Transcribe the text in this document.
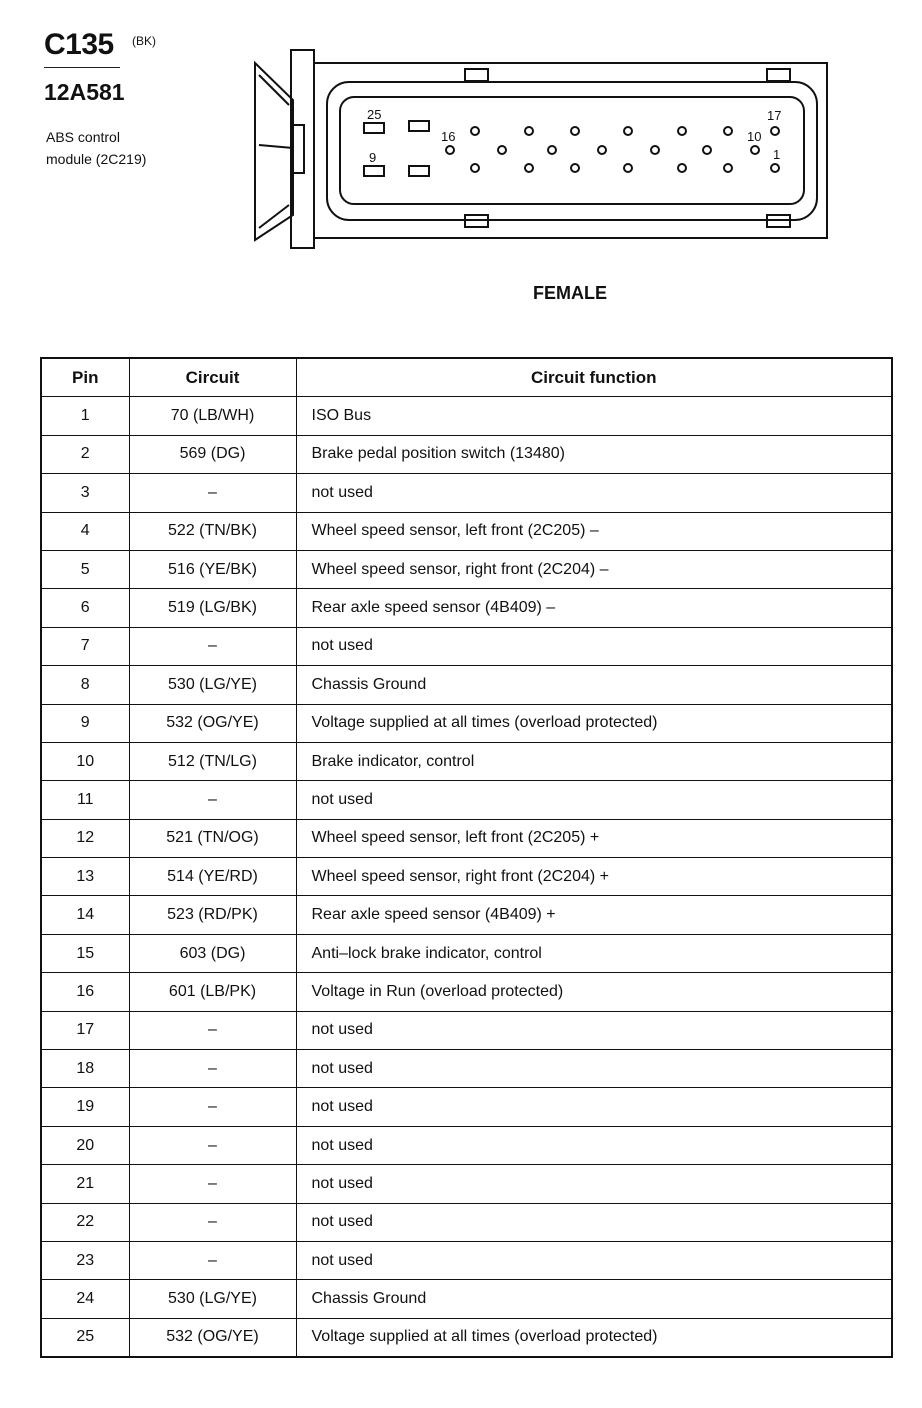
C135 (BK)
12A581
ABS control
module (2C219)
25
9
16
17
10
1
FEMALE
Pin	Circuit	Circuit function
1	70 (LB/WH)	ISO Bus
2	569 (DG)	Brake pedal position switch (13480)
3	–	not used
4	522 (TN/BK)	Wheel speed sensor, left front (2C205) –
5	516 (YE/BK)	Wheel speed sensor, right front (2C204) –
6	519 (LG/BK)	Rear axle speed sensor (4B409) –
7	–	not used
8	530 (LG/YE)	Chassis Ground
9	532 (OG/YE)	Voltage supplied at all times (overload protected)
10	512 (TN/LG)	Brake indicator, control
11	–	not used
12	521 (TN/OG)	Wheel speed sensor, left front (2C205) +
13	514 (YE/RD)	Wheel speed sensor, right front (2C204) +
14	523 (RD/PK)	Rear axle speed sensor (4B409) +
15	603 (DG)	Anti–lock brake indicator, control
16	601 (LB/PK)	Voltage in Run (overload protected)
17	–	not used
18	–	not used
19	–	not used
20	–	not used
21	–	not used
22	–	not used
23	–	not used
24	530 (LG/YE)	Chassis Ground
25	532 (OG/YE)	Voltage supplied at all times (overload protected)
